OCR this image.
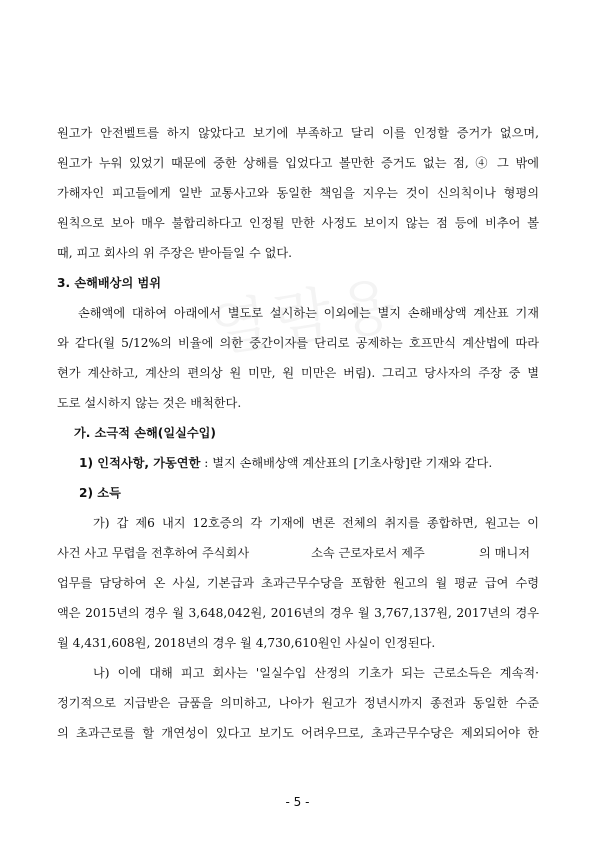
원고가 안전벨트를 하지 않았다고 보기에 부족하고 달리 이를 인정할 증거가 없으며,
원고가 누워 있었기 때문에 중한 상해를 입었다고 볼만한 증거도 없는 점, ④ 그 밖에
가해자인 피고들에게 일반 교통사고와 동일한 책임을 지우는 것이 신의칙이나 형평의
원칙으로 보아 매우 불합리하다고 인정될 만한 사정도 보이지 않는 점 등에 비추어 볼
때, 피고 회사의 위 주장은 받아들일 수 없다.
3. 손해배상의 범위
손해액에 대하여 아래에서 별도로 설시하는 이외에는 별지 손해배상액 계산표 기재
와 같다(월 5/12%의 비율에 의한 중간이자를 단리로 공제하는 호프만식 계산법에 따라
현가 계산하고, 계산의 편의상 원 미만, 원 미만은 버림). 그리고 당사자의 주장 중 별
도로 설시하지 않는 것은 배척한다.
가. 소극적 손해(일실수입)
1) 인적사항, 가동연한 : 별지 손해배상액 계산표의 [기초사항]란 기재와 같다.
2) 소득
가) 갑 제6 내지 12호증의 각 기재에 변론 전체의 취지를 종합하면, 원고는 이
사건 사고 무렵을 전후하여 주식회사                소속 근로자로서 제주              의 매니저
업무를 담당하여 온 사실, 기본급과 초과근무수당을 포함한 원고의 월 평균 급여 수령
액은 2015년의 경우 월 3,648,042원, 2016년의 경우 월 3,767,137원, 2017년의 경우
월 4,431,608원, 2018년의 경우 월 4,730,610원인 사실이 인정된다.
나) 이에 대해 피고 회사는 '일실수입 산정의 기초가 되는 근로소득은 계속적·
정기적으로 지급받은 금품을 의미하고, 나아가 원고가 정년시까지 종전과 동일한 수준
의 초과근로를 할 개연성이 있다고 보기도 어려우므로, 초과근무수당은 제외되어야 한
- 5 -
